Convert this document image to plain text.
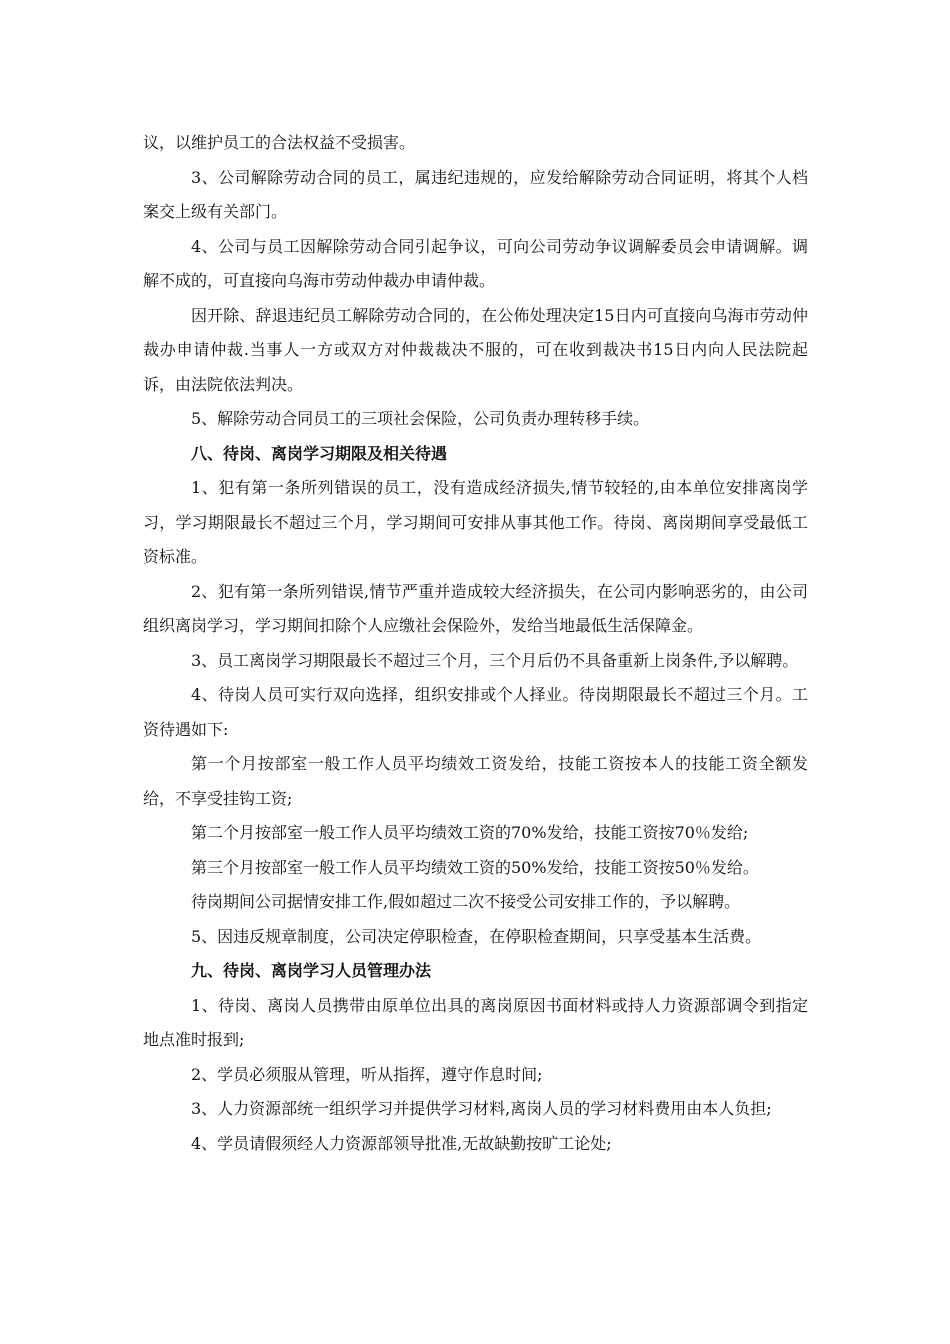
议，以维护员工的合法权益不受损害。

3、公司解除劳动合同的员工，属违纪违规的，应发给解除劳动合同证明，将其个人档案交上级有关部门。

4、公司与员工因解除劳动合同引起争议，可向公司劳动争议调解委员会申请调解。调解不成的，可直接向乌海市劳动仲裁办申请仲裁。

因开除、辞退违纪员工解除劳动合同的，在公佈处理决定15日内可直接向乌海市劳动仲裁办申请仲裁.当事人一方或双方对仲裁裁决不服的，可在收到裁决书15日内向人民法院起诉，由法院依法判决。

5、解除劳动合同员工的三项社会保险，公司负责办理转移手续。

八、待岗、离岗学习期限及相关待遇

1、犯有第一条所列错误的员工，没有造成经济损失,情节较轻的,由本单位安排离岗学习，学习期限最长不超过三个月，学习期间可安排从事其他工作。待岗、离岗期间享受最低工资标准。

2、犯有第一条所列错误,情节严重并造成较大经济损失，在公司内影响恶劣的，由公司组织离岗学习，学习期间扣除个人应缴社会保险外，发给当地最低生活保障金。

3、员工离岗学习期限最长不超过三个月，三个月后仍不具备重新上岗条件,予以解聘。

4、待岗人员可实行双向选择，组织安排或个人择业。待岗期限最长不超过三个月。工资待遇如下:

第一个月按部室一般工作人员平均绩效工资发给，技能工资按本人的技能工资全额发给，不享受挂钩工资;

第二个月按部室一般工作人员平均绩效工资的70%发给，技能工资按70％发给;

第三个月按部室一般工作人员平均绩效工资的50%发给，技能工资按50％发给。

待岗期间公司据情安排工作,假如超过二次不接受公司安排工作的，予以解聘。

5、因违反规章制度，公司决定停职检查，在停职检查期间，只享受基本生活费。

九、待岗、离岗学习人员管理办法

1、待岗、离岗人员携带由原单位出具的离岗原因书面材料或持人力资源部调令到指定地点准时报到;

2、学员必须服从管理，听从指挥，遵守作息时间;

3、人力资源部统一组织学习并提供学习材料,离岗人员的学习材料费用由本人负担;

4、学员请假须经人力资源部领导批准,无故缺勤按旷工论处;
